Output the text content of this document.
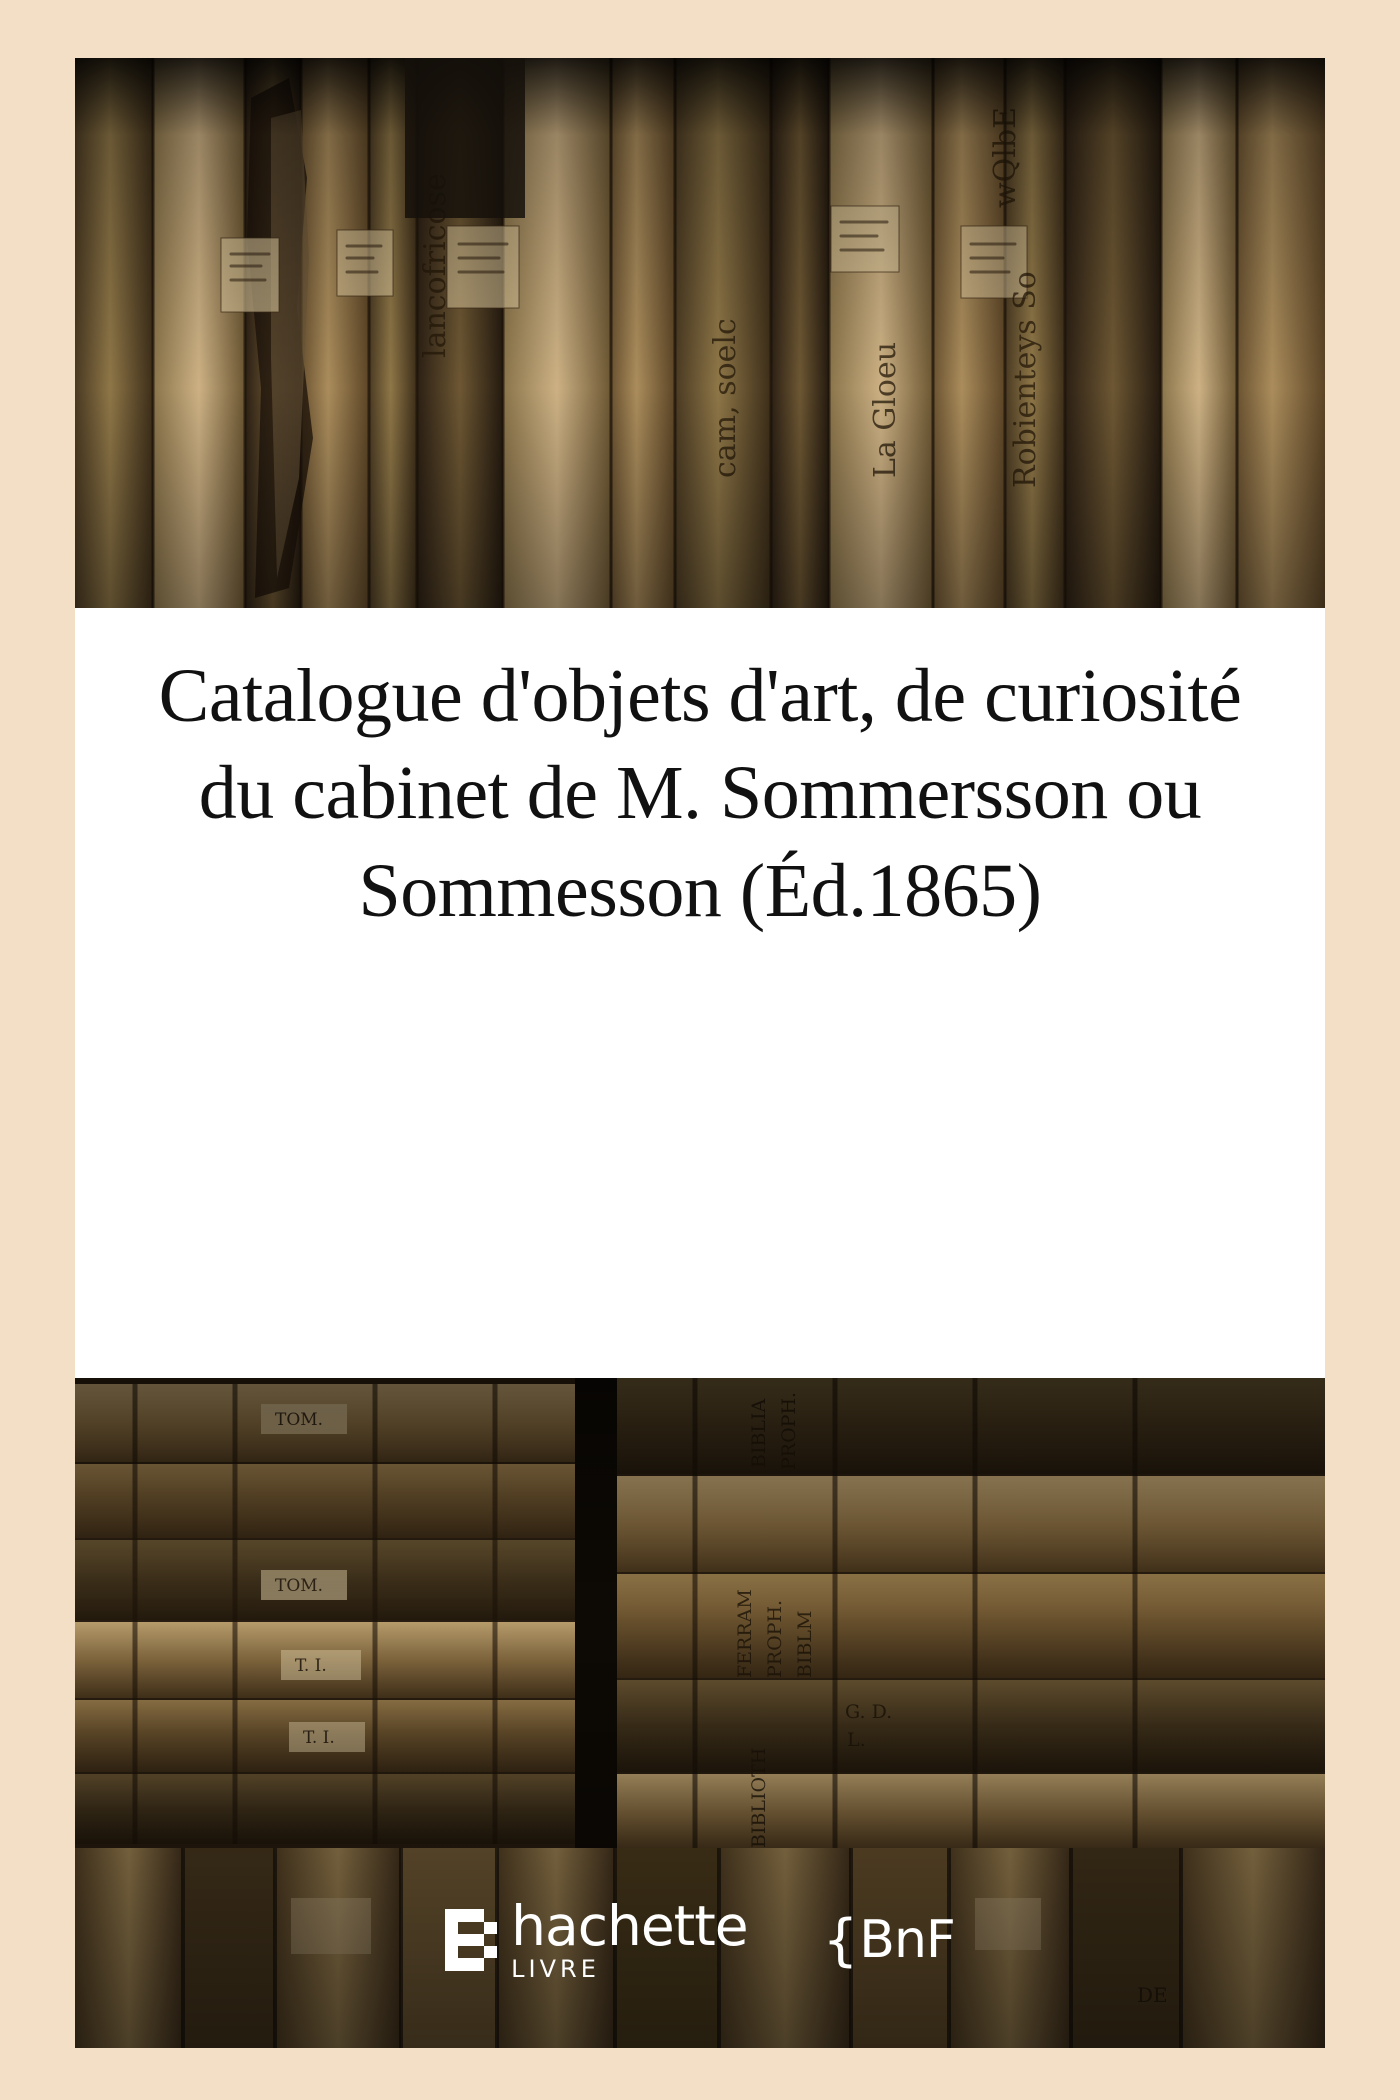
Catalogue d'objets d'art, de curiosité du cabinet de M. Sommersson ou Sommesson (Éd.1865)
hachette
LIVRE	{ BnF
